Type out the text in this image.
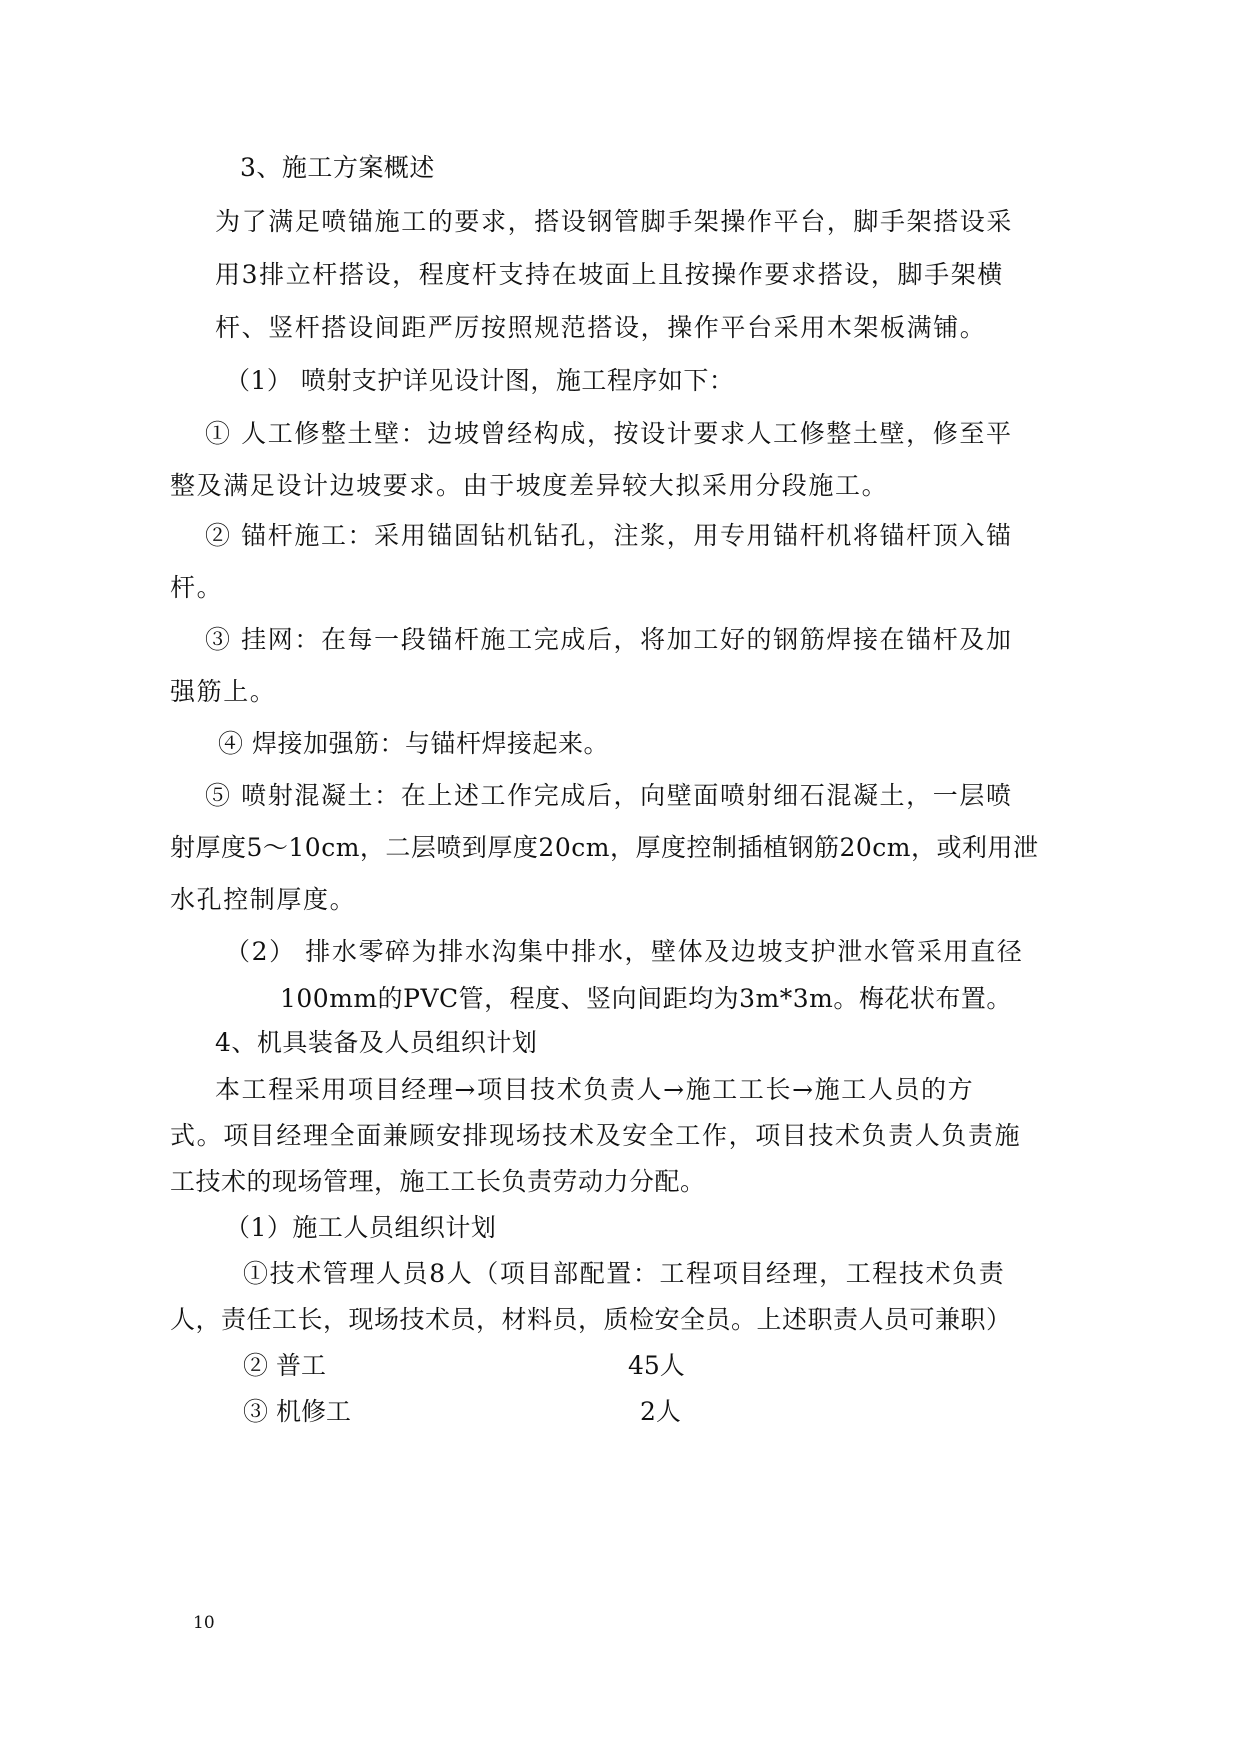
3、施工方案概述
为了满足喷锚施工的要求，搭设钢管脚手架操作平台，脚手架搭设采
用3排立杆搭设，程度杆支持在坡面上且按操作要求搭设，脚手架横
杆、竖杆搭设间距严厉按照规范搭设，操作平台采用木架板满铺。
（1） 喷射支护详见设计图，施工程序如下：
① 人工修整土壁：边坡曾经构成，按设计要求人工修整土壁，修至平
整及满足设计边坡要求。由于坡度差异较大拟采用分段施工。
② 锚杆施工：采用锚固钻机钻孔，注浆，用专用锚杆机将锚杆顶入锚
杆。
③ 挂网：在每一段锚杆施工完成后，将加工好的钢筋焊接在锚杆及加
强筋上。
④ 焊接加强筋：与锚杆焊接起来。
⑤ 喷射混凝土：在上述工作完成后，向壁面喷射细石混凝土，一层喷
射厚度5～10cm，二层喷到厚度20cm，厚度控制插植钢筋20cm，或利用泄
水孔控制厚度。
（2） 排水零碎为排水沟集中排水，壁体及边坡支护泄水管采用直径
100mm的PVC管，程度、竖向间距均为3m*3m。梅花状布置。
4、机具装备及人员组织计划
本工程采用项目经理→项目技术负责人→施工工长→施工人员的方
式。项目经理全面兼顾安排现场技术及安全工作，项目技术负责人负责施
工技术的现场管理，施工工长负责劳动力分配。
（1）施工人员组织计划
①技术管理人员8人（项目部配置：工程项目经理，工程技术负责
人，责任工长，现场技术员，材料员，质检安全员。上述职责人员可兼职）
② 普工	45人
③ 机修工	2人
10
